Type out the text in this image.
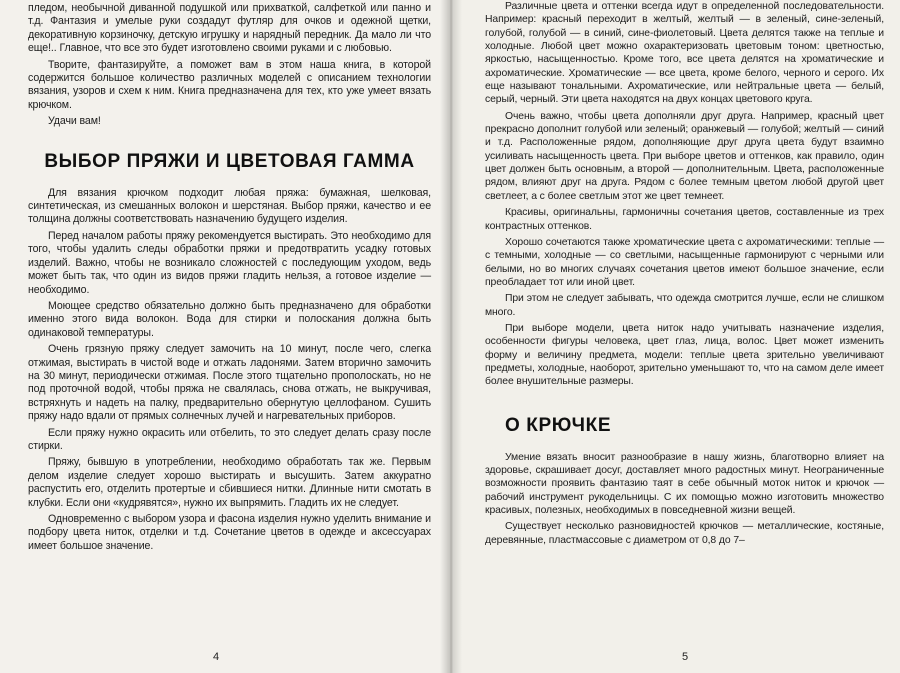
пледом, необычной диванной подушкой или прихваткой, салфеткой или панно и т.д. Фантазия и умелые руки создадут футляр для очков и одежной щетки, декоративную корзиночку, детскую игрушку и нарядный передник. Да мало ли что еще!.. Главное, что все это будет изготовлено своими руками и с любовью.

Творите, фантазируйте, а поможет вам в этом наша книга, в которой содержится большое количество различных моделей с описанием технологии вязания, узоров и схем к ним. Книга предназначена для тех, кто уже умеет вязать крючком.

Удачи вам!

ВЫБОР ПРЯЖИ И ЦВЕТОВАЯ ГАММА

Для вязания крючком подходит любая пряжа: бумажная, шелковая, синтетическая, из смешанных волокон и шерстяная. Выбор пряжи, качество и ее толщина должны соответствовать назначению будущего изделия.

Перед началом работы пряжу рекомендуется выстирать. Это необходимо для того, чтобы удалить следы обработки пряжи и предотвратить усадку готовых изделий. Важно, чтобы не возникало сложностей с последующим уходом, ведь может быть так, что один из видов пряжи гладить нельзя, а готовое изделие — необходимо.

Моющее средство обязательно должно быть предназначено для обработки именно этого вида волокон. Вода для стирки и полоскания должна быть одинаковой температуры.

Очень грязную пряжу следует замочить на 10 минут, после чего, слегка отжимая, выстирать в чистой воде и отжать ладонями. Затем вторично замочить на 30 минут, периодически отжимая. После этого тщательно прополоскать, но не под проточной водой, чтобы пряжа не свалялась, снова отжать, не выкручивая, встряхнуть и надеть на палку, предварительно обернутую целлофаном. Сушить пряжу надо вдали от прямых солнечных лучей и нагревательных приборов.

Если пряжу нужно окрасить или отбелить, то это следует делать сразу после стирки.

Пряжу, бывшую в употреблении, необходимо обработать так же. Первым делом изделие следует хорошо выстирать и высушить. Затем аккуратно распустить его, отделить протертые и сбившиеся нитки. Длинные нити смотать в клубки. Если они «кудрявятся», нужно их выпрямить. Гладить их не следует.

Одновременно с выбором узора и фасона изделия нужно уделить внимание и подбору цвета ниток, отделки и т.д. Сочетание цветов в одежде и аксессуарах имеет большое значение.

4

Различные цвета и оттенки всегда идут в определенной последовательности. Например: красный переходит в желтый, желтый — в зеленый, сине-зеленый, голубой, голубой — в синий, сине-фиолетовый. Цвета делятся также на теплые и холодные. Любой цвет можно охарактеризовать цветовым тоном: цветностью, яркостью, насыщенностью. Кроме того, все цвета делятся на хроматические и ахроматические. Хроматические — все цвета, кроме белого, черного и серого. Их еще называют тональными. Ахроматические, или нейтральные цвета — белый, серый, черный. Эти цвета находятся на двух концах цветового круга.

Очень важно, чтобы цвета дополняли друг друга. Например, красный цвет прекрасно дополнит голубой или зеленый; оранжевый — голубой; желтый — синий и т.д. Расположенные рядом, дополняющие друг друга цвета будут взаимно усиливать насыщенность цвета. При выборе цветов и оттенков, как правило, один цвет должен быть основным, а второй — дополнительным. Цвета, расположенные рядом, влияют друг на друга. Рядом с более темным цветом любой другой цвет светлеет, а с более светлым этот же цвет темнеет.

Красивы, оригинальны, гармоничны сочетания цветов, составленные из трех контрастных оттенков.

Хорошо сочетаются также хроматические цвета с ахроматическими: теплые — с темными, холодные — со светлыми, насыщенные гармонируют с черными или белыми, но во многих случаях сочетания цветов имеют большое значение, если преобладает тот или иной цвет.

При этом не следует забывать, что одежда смотрится лучше, если не слишком много.

При выборе модели, цвета ниток надо учитывать назначение изделия, особенности фигуры человека, цвет глаз, лица, волос. Цвет может изменить форму и величину предмета, модели: теплые цвета зрительно увеличивают предметы, холодные, наоборот, зрительно уменьшают то, что на самом деле имеет более внушительные размеры.

О КРЮЧКЕ

Умение вязать вносит разнообразие в нашу жизнь, благотворно влияет на здоровье, скрашивает досуг, доставляет много радостных минут. Неограниченные возможности проявить фантазию таят в себе обычный моток ниток и крючок — рабочий инструмент рукодельницы. С их помощью можно изготовить множество красивых, полезных, необходимых в повседневной жизни вещей.

Существует несколько разновидностей крючков — металлические, костяные, деревянные, пластмассовые с диаметром от 0,8 до 7–

5
